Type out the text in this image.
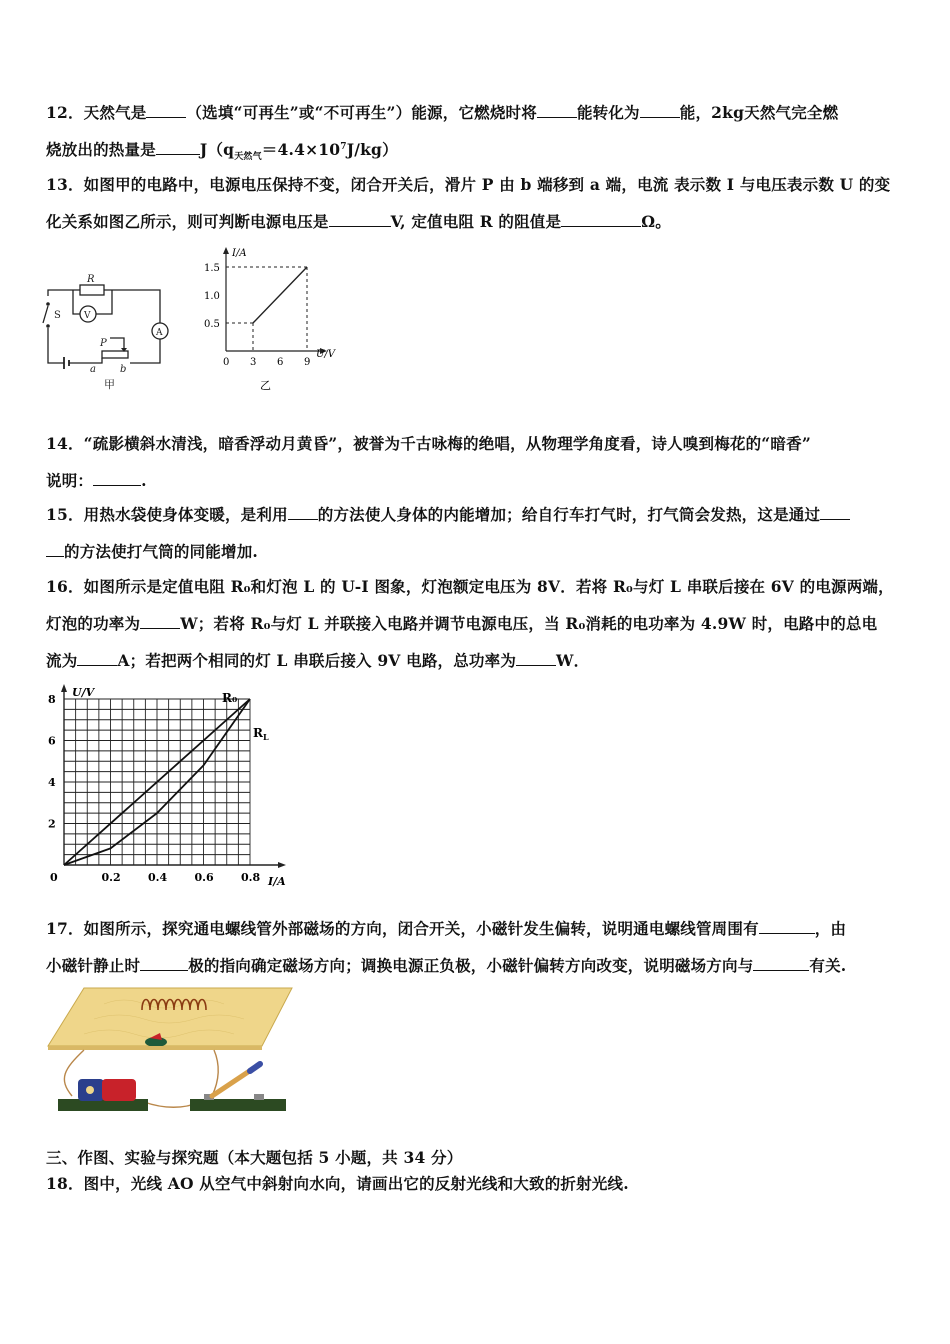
12．天然气是	（选填“可再生”或“不可再生”）能源，它燃烧时将	能转化为	能，2kg天然气完全燃
烧放出的热量是	$J(q_{天然气}=4.4\times 10^7J/kg)$
13．如图甲的电路中，电源电压保持不变，闭合开关后，滑片 P 由 b 端移到 a 端，电流 表示数 I 与电压表示数 U 的变
化关系如图乙所示，则可判断电源电压是	V, 定值电阻 R 的阻值是	Ω。
R
V
A
S
P
a b
甲
1.5
1.0
0.5
0 3 6 9
I/A
U/V
乙
14．“疏影横斜水清浅，暗香浮动月黄昏”，被誉为千古咏梅的绝唱，从物理学角度看，诗人嗅到梅花的“暗香”
说明：	.
15．用热水袋使身体变暖，是利用 的方法使人身体的内能增加；给自行车打气时，打气筒会发热，这是通过
的方法使打气筒的同能增加.
16．如图所示是定值电阻 R₀和灯泡 L 的 U-I 图象，灯泡额定电压为 8V．若将 R₀与灯 L 串联后接在 6V 的电源两端，
灯泡的功率为	W；若将 R₀与灯 L 并联接入电路并调节电源电压，当 R₀消耗的电功率为 4.9W 时，电路中的总电
流为	A；若把两个相同的灯 L 串联后接入 9V 电路，总功率为	W．
8
6
4
2
0	0.2 0.4 0.6 0.8
U/V
I/A
R₀
$R_L$
17．如图所示，探究通电螺线管外部磁场的方向，闭合开关，小磁针发生偏转，说明通电螺线管周围有	，由
小磁针静止时	极的指向确定磁场方向；调换电源正负极，小磁针偏转方向改变，说明磁场方向与	有关.
三、作图、实验与探究题（本大题包括 5 小题，共 34 分）
18．图中，光线 AO 从空气中斜射向水向，请画出它的反射光线和大致的折射光线.
